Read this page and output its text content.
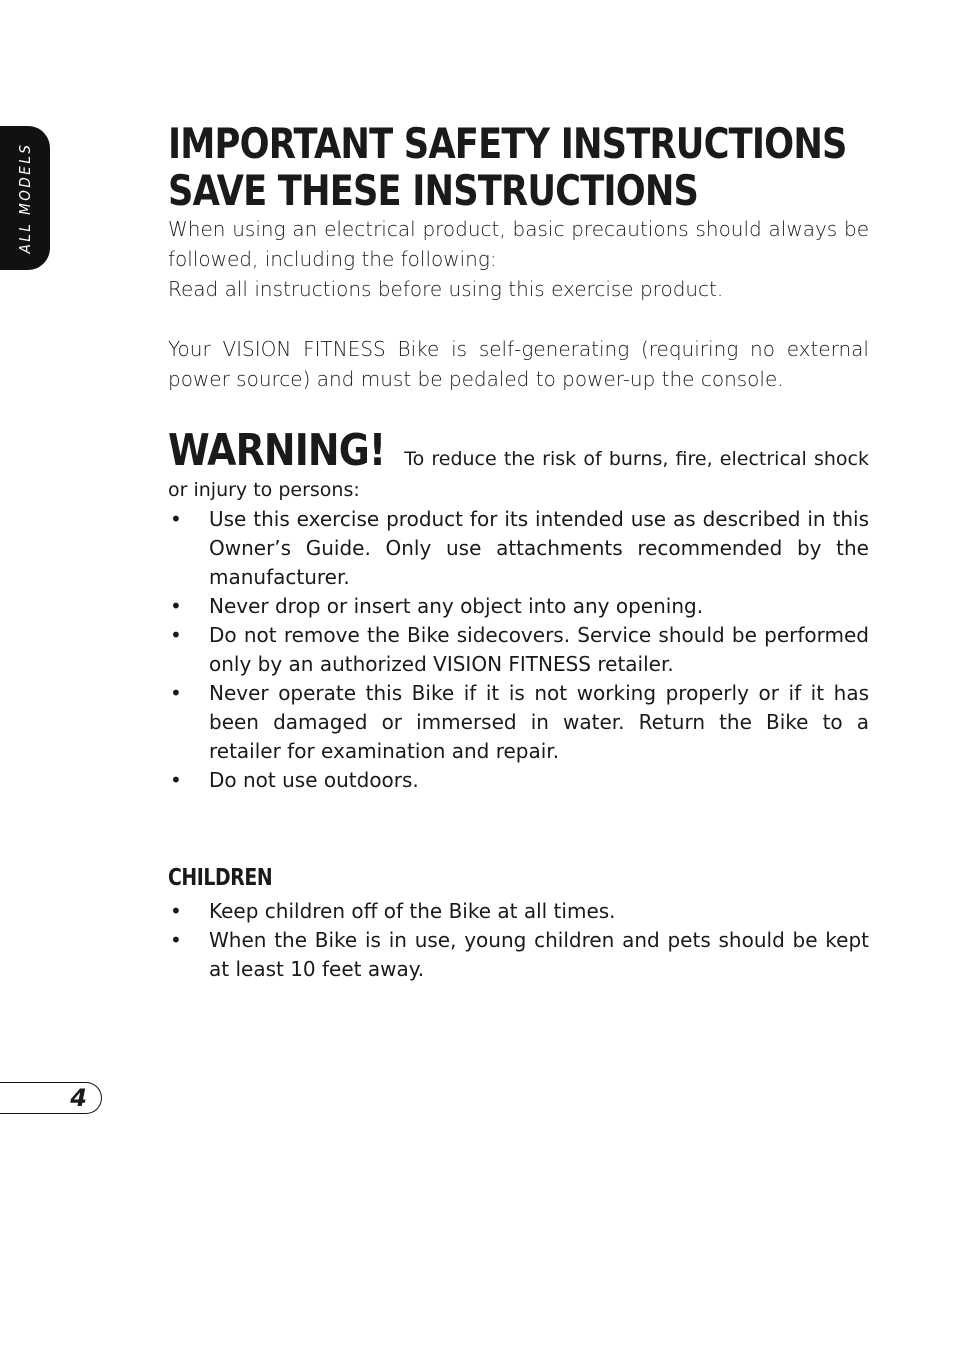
ALL MODELS	IMPORTANT SAFETY INSTRUCTIONS
SAVE THESE INSTRUCTIONS

When using an electrical product, basic precautions should always be followed, including the following:

Read all instructions before using this exercise product.

Your VISION FITNESS Bike is self-generating (requiring no external power source) and must be pedaled to power-up the console.

WARNING! To reduce the risk of burns, fire, electrical shock or injury to persons:
• Use this exercise product for its intended use as described in this Owner’s Guide. Only use attachments recommended by the manufacturer.
• Never drop or insert any object into any opening.
• Do not remove the Bike sidecovers. Service should be performed only by an authorized VISION FITNESS retailer.
• Never operate this Bike if it is not working properly or if it has been damaged or immersed in water. Return the Bike to a retailer for examination and repair.
• Do not use outdoors.
CHILDREN
• Keep children off of the Bike at all times.
• When the Bike is in use, young children and pets should be kept at least 10 feet away.
4
